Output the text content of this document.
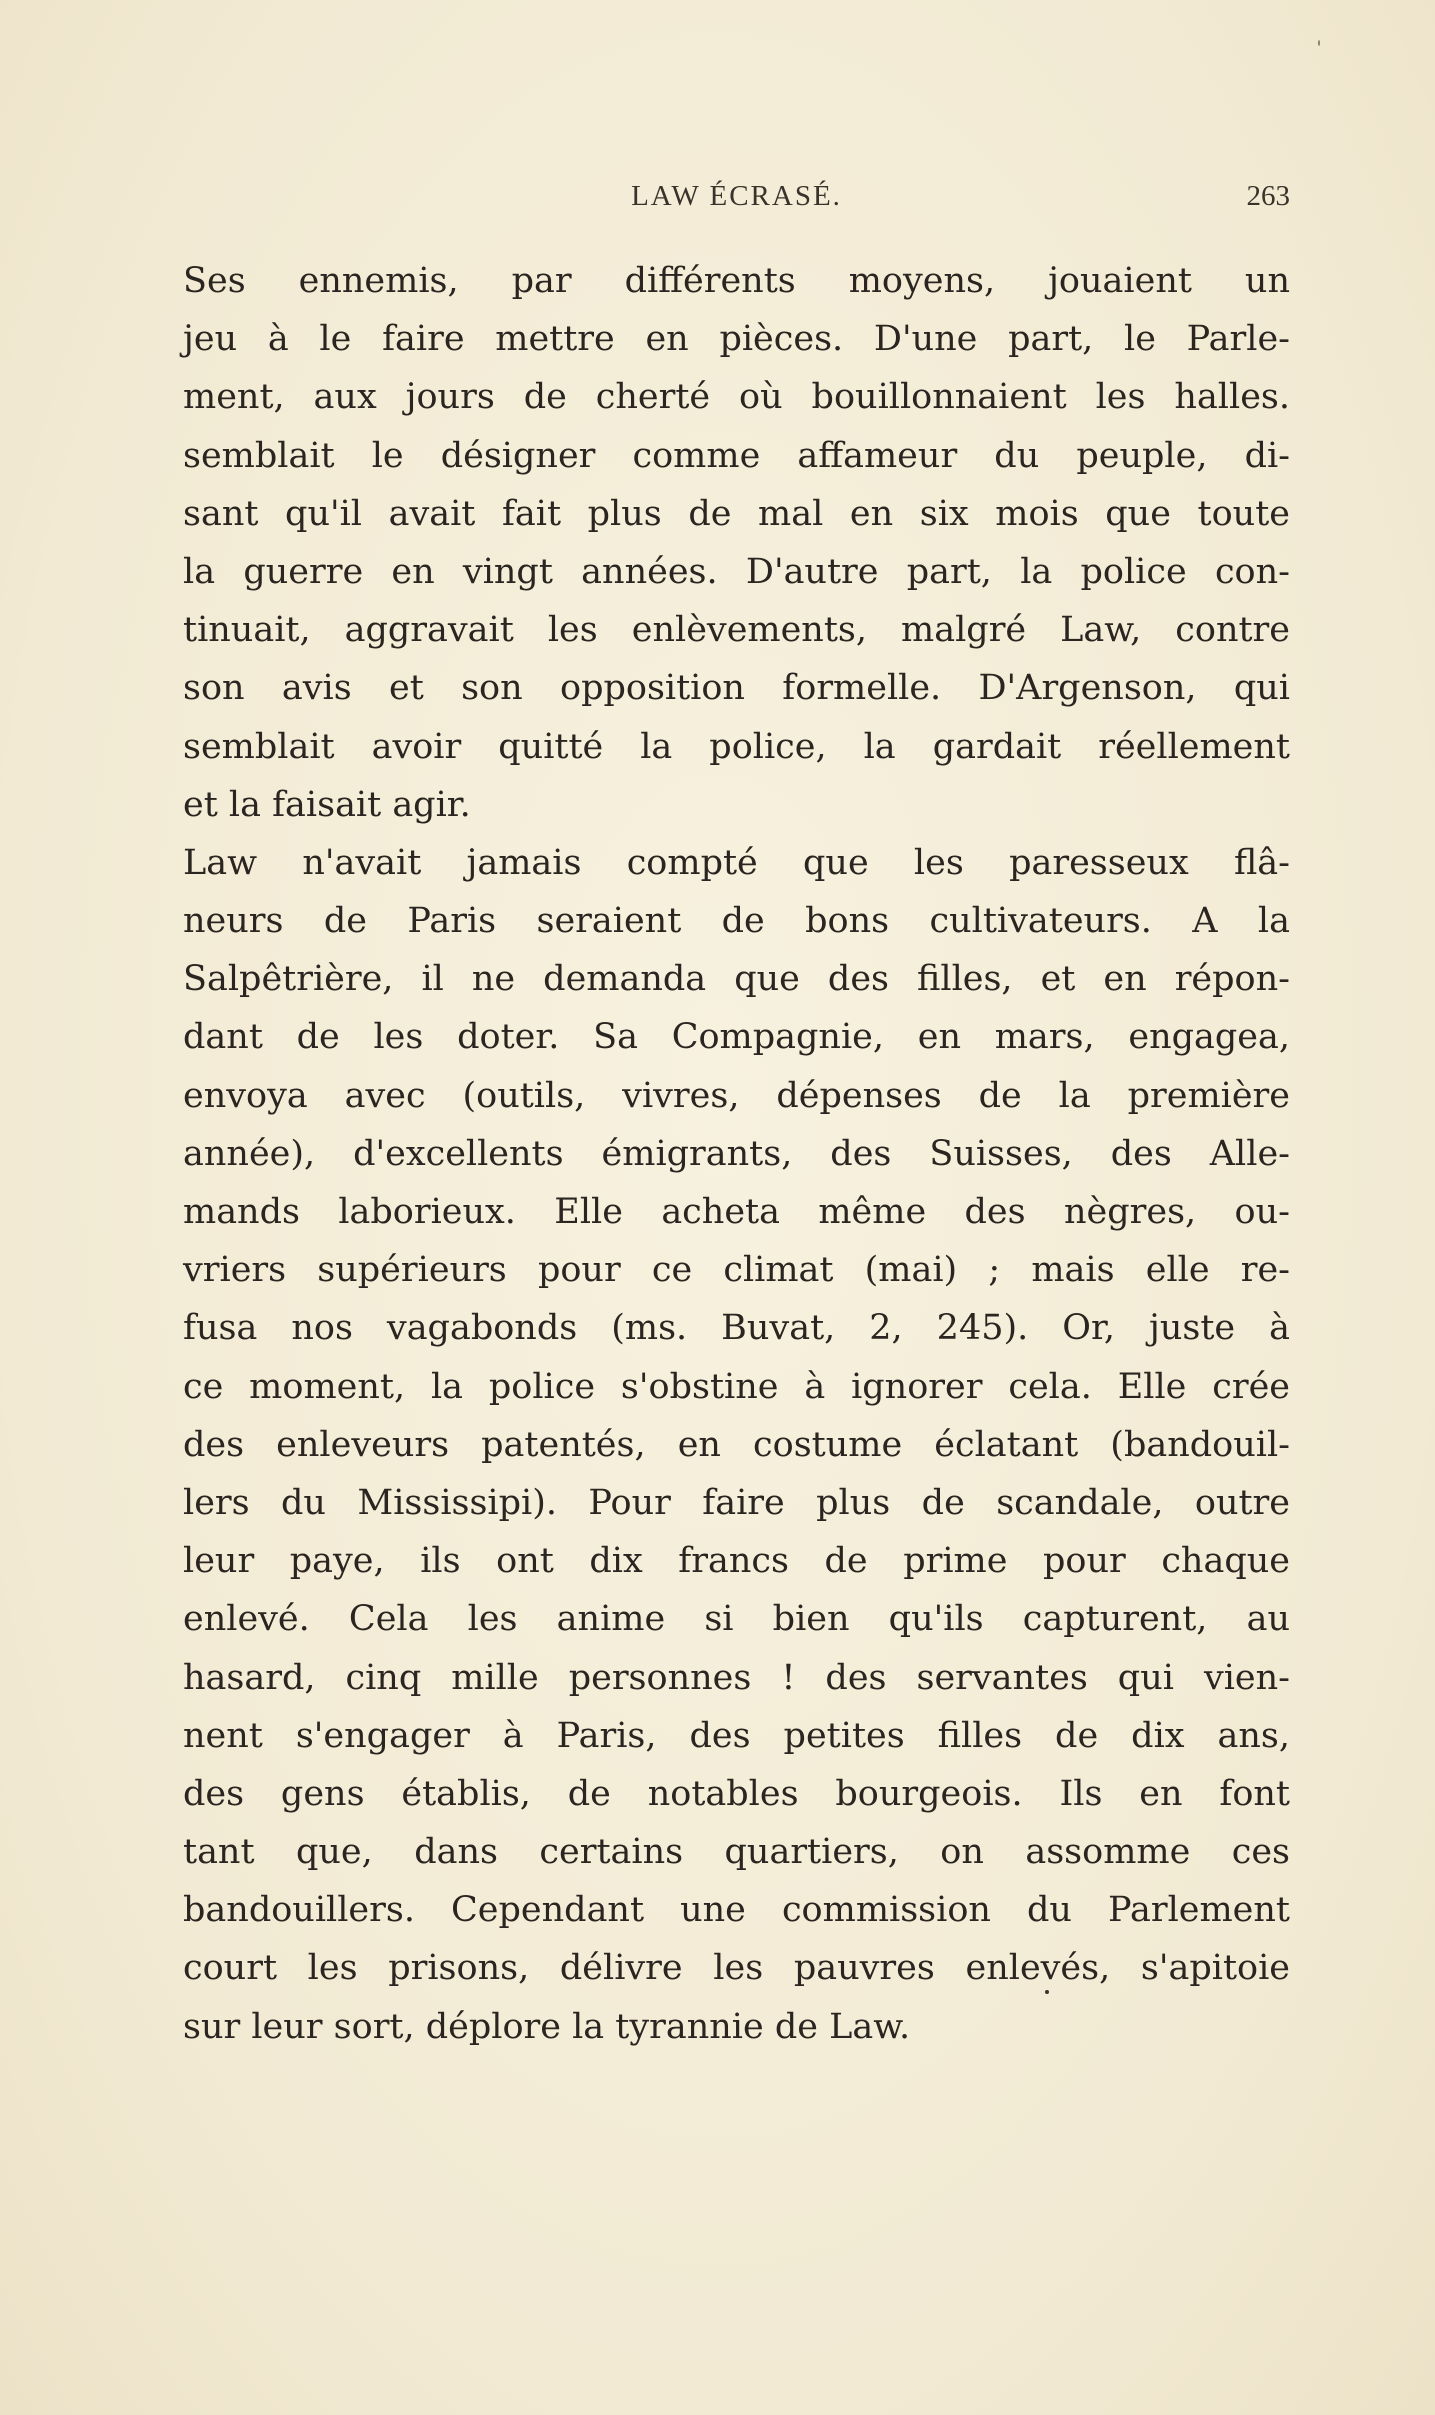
LAW ÉCRASÉ.	263
Ses ennemis, par différents moyens, jouaient un
jeu à le faire mettre en pièces. D'une part, le Parle-
ment, aux jours de cherté où bouillonnaient les halles.
semblait le désigner comme affameur du peuple, di-
sant qu'il avait fait plus de mal en six mois que toute
la guerre en vingt années. D'autre part, la police con-
tinuait, aggravait les enlèvements, malgré Law, contre
son avis et son opposition formelle. D'Argenson, qui
semblait avoir quitté la police, la gardait réellement
et la faisait agir.
Law n'avait jamais compté que les paresseux flâ-
neurs de Paris seraient de bons cultivateurs. A la
Salpêtrière, il ne demanda que des filles, et en répon-
dant de les doter. Sa Compagnie, en mars, engagea,
envoya avec (outils, vivres, dépenses de la première
année), d'excellents émigrants, des Suisses, des Alle-
mands laborieux. Elle acheta même des nègres, ou-
vriers supérieurs pour ce climat (mai) ; mais elle re-
fusa nos vagabonds (ms. Buvat, 2, 245). Or, juste à
ce moment, la police s'obstine à ignorer cela. Elle crée
des enleveurs patentés, en costume éclatant (bandouil-
lers du Mississipi). Pour faire plus de scandale, outre
leur paye, ils ont dix francs de prime pour chaque
enlevé. Cela les anime si bien qu'ils capturent, au
hasard, cinq mille personnes ! des servantes qui vien-
nent s'engager à Paris, des petites filles de dix ans,
des gens établis, de notables bourgeois. Ils en font
tant que, dans certains quartiers, on assomme ces
bandouillers. Cependant une commission du Parlement
court les prisons, délivre les pauvres enlevés, s'apitoie
sur leur sort, déplore la tyrannie de Law.
